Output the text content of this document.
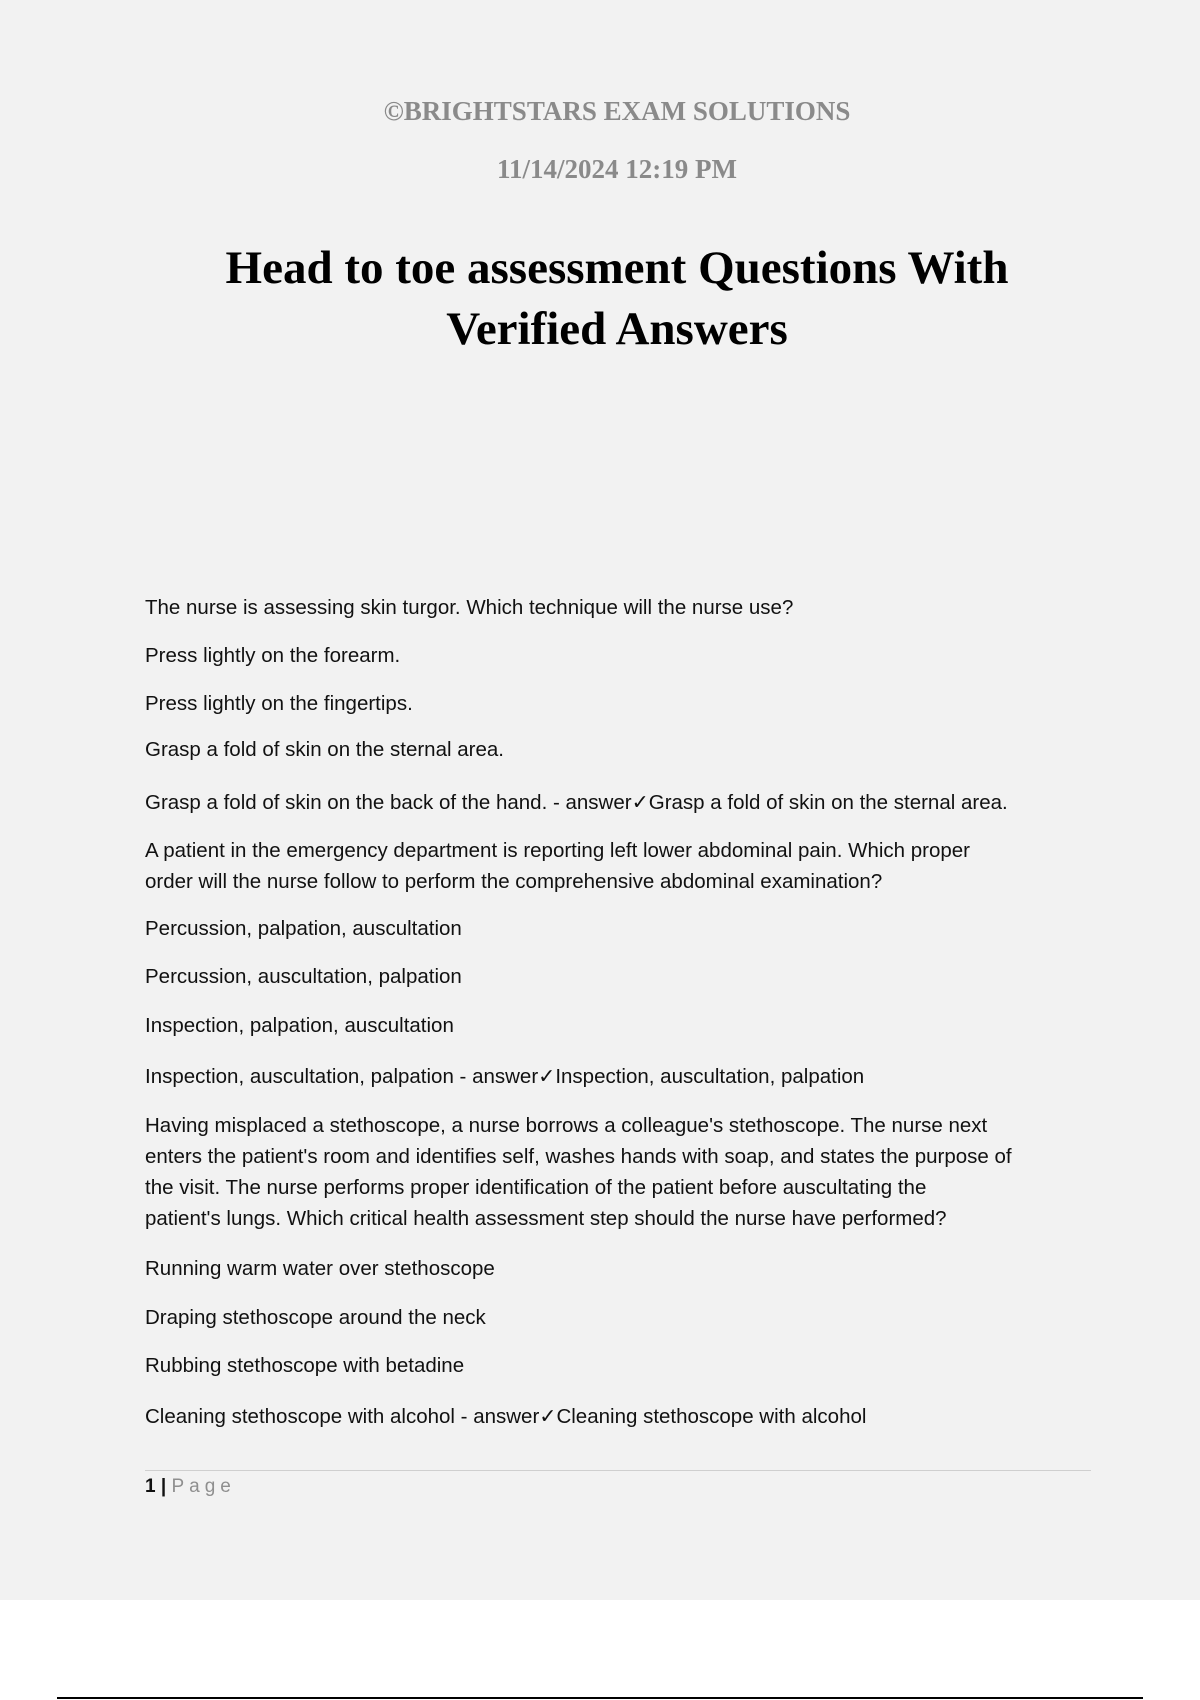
©BRIGHTSTARS EXAM SOLUTIONS

11/14/2024 12:19 PM

Head to toe assessment Questions With
Verified Answers

The nurse is assessing skin turgor. Which technique will the nurse use?

Press lightly on the forearm.

Press lightly on the fingertips.

Grasp a fold of skin on the sternal area.

Grasp a fold of skin on the back of the hand. - answer✓Grasp a fold of skin on the sternal area.

A patient in the emergency department is reporting left lower abdominal pain. Which proper
order will the nurse follow to perform the comprehensive abdominal examination?

Percussion, palpation, auscultation

Percussion, auscultation, palpation

Inspection, palpation, auscultation

Inspection, auscultation, palpation - answer✓Inspection, auscultation, palpation

Having misplaced a stethoscope, a nurse borrows a colleague's stethoscope. The nurse next
enters the patient's room and identifies self, washes hands with soap, and states the purpose of
the visit. The nurse performs proper identification of the patient before auscultating the
patient's lungs. Which critical health assessment step should the nurse have performed?

Running warm water over stethoscope

Draping stethoscope around the neck

Rubbing stethoscope with betadine

Cleaning stethoscope with alcohol - answer✓Cleaning stethoscope with alcohol

1 | Page
